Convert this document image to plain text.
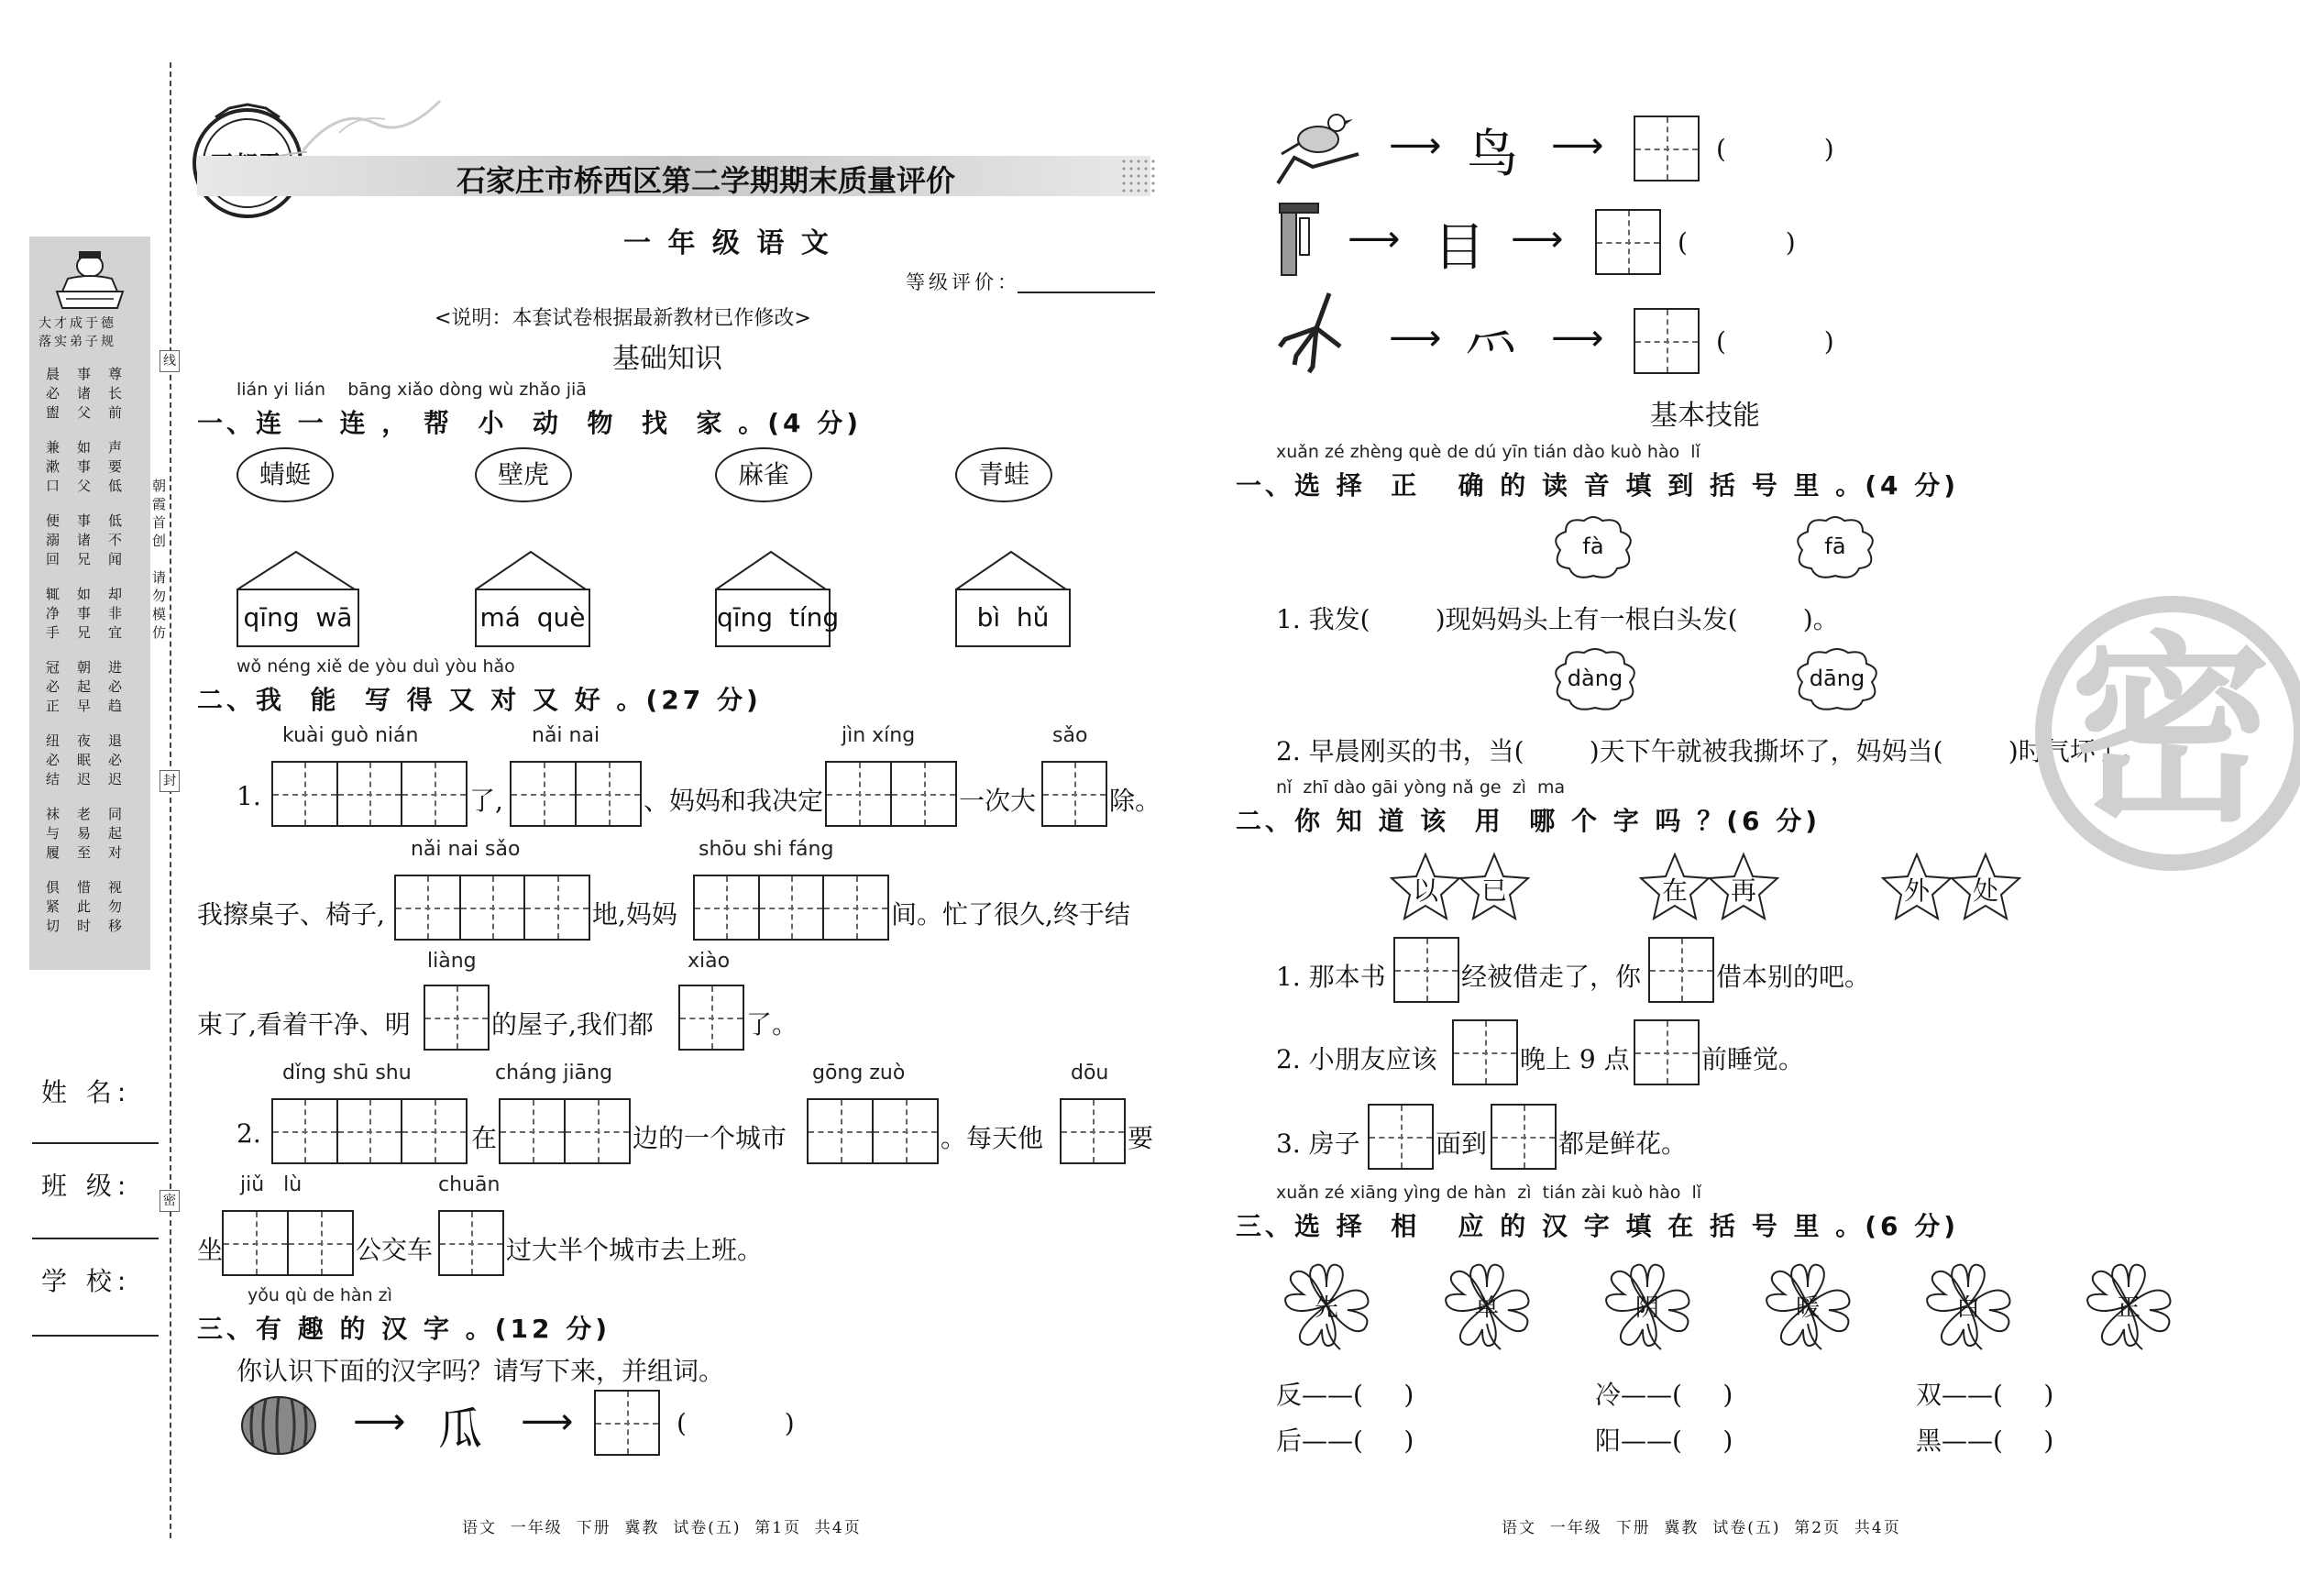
大才成于德
落实弟子规
晨必盥
事诸父
尊长前
兼漱口
如事父
声要低
便溺回
事诸兄
低不闻
辄净手
如事兄
却非宜
冠必正
朝起早
进必趋
纽必结
夜眠迟
退必迟
袜与履
老易至
同起对
俱紧切
惜此时
视勿移
朝霞首创
请勿模仿
线
封
密
姓 名:
班 级:
学 校:
石家庄市桥西区第二学期期末质量评价
一 年 级 语 文
等级评价：
<说明：本套试卷根据最新教材已作修改>
基础知识
lián yi lián    bāng xiǎo dòng wù zhǎo jiā
一、连 一 连 ， 帮  小  动  物  找  家 。(4 分)
蜻蜓	壁虎	麻雀	青蛙
qīng  wā	má  què	qīng  tíng	bì  hǔ
wǒ néng xiě de yòu duì yòu hǎo
二、我  能  写 得 又 对 又 好 。(27 分)
kuài guò nián	nǎi nai	jìn xíng	sǎo
1.	了,	、妈妈和我决定	一次大	除。
nǎi nai sǎo	shōu shi fáng
我擦桌子、椅子,	地,妈妈	间。忙了很久,终于结
liàng	xiào
束了,看着干净、明	的屋子,我们都	了。
dǐng shū shu	cháng jiāng	gōng zuò	dōu
2.	在	边的一个城市	。每天他	要
jiǔ   lù	chuān
坐	公交车	过大半个城市去上班。
yǒu qù de hàn zì
三、有 趣 的 汉 字 。(12 分)
你认识下面的汉字吗？请写下来，并组词。
⟶ ⽠ ⟶	(            )
语文  一年级  下册  冀教  试卷(五)  第1页  共4页
⟶ ⻦ ⟶	(            )
⟶ 目 ⟶	(            )
⟶ ⺤ ⟶	(            )
基本技能
xuǎn zé zhèng què de dú yīn tián dào kuò hào  lǐ
一、选 择  正   确 的 读 音 填 到 括 号 里 。(4 分)
fà	fā
1. 我发(        )现妈妈头上有一根白头发(        )。
dàng	dāng
2. 早晨刚买的书，当(        )天下午就被我撕坏了，妈妈当(        )时气坏了。
nǐ  zhī dào gāi yòng nǎ ge  zì  ma
二、你 知 道 该  用  哪 个 字 吗 ？(6 分)
以 已	在 再	外 处
1. 那本书	经被借走了，你	借本别的吧。
2. 小朋友应该	晚上 9 点	前睡觉。
3. 房子	面到	都是鲜花。
xuǎn zé xiāng yìng de hàn  zì  tián zài kuò hào  lǐ
三、选 择  相   应 的 汉 字 填 在 括 号 里 。(6 分)
先	单	阴	暖	白	正
反——(     )	冷——(     )	双——(     )
后——(     )	阳——(     )	黑——(     )
语文  一年级  下册  冀教  试卷(五)  第2页  共4页
密
